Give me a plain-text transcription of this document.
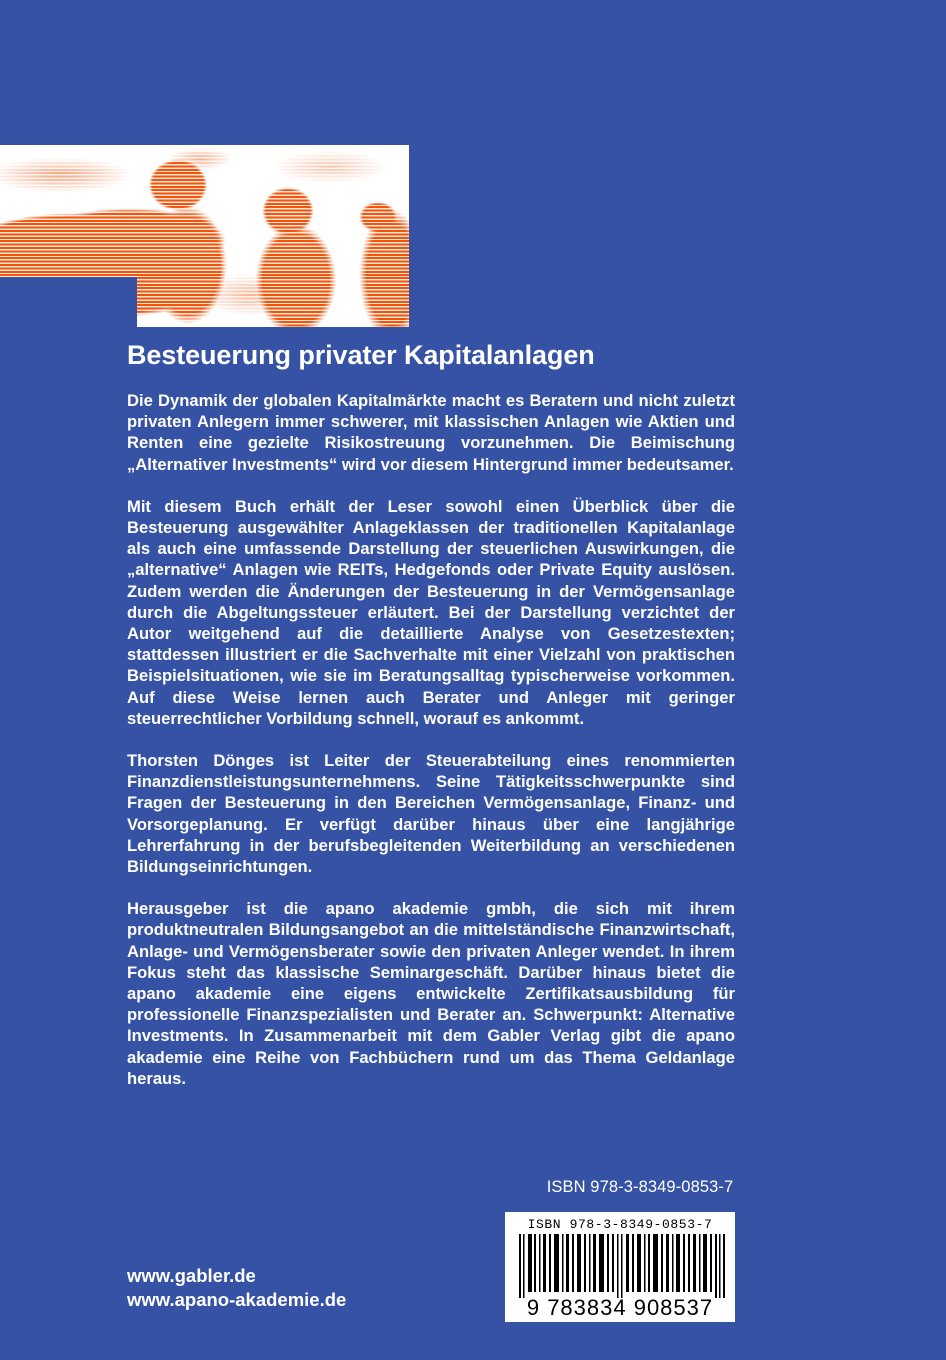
Besteuerung privater Kapitalanlagen

Die Dynamik der globalen Kapitalmärkte macht es Beratern und nicht zuletzt privaten Anlegern immer schwerer, mit klassischen Anlagen wie Aktien und Renten eine gezielte Risikostreuung vorzunehmen. Die Beimischung „Alternativer Investments“ wird vor diesem Hintergrund immer bedeutsamer.

Mit diesem Buch erhält der Leser sowohl einen Überblick über die Besteuerung ausgewählter Anlageklassen der traditionellen Kapitalanlage als auch eine umfassende Darstellung der steuerlichen Auswirkungen, die „alternative“ Anlagen wie REITs, Hedgefonds oder Private Equity auslösen. Zudem werden die Änderungen der Besteuerung in der Vermögensanlage durch die Abgeltungssteuer erläutert. Bei der Darstellung verzichtet der Autor weitgehend auf die detaillierte Analyse von Gesetzestexten; stattdessen illustriert er die Sachverhalte mit einer Vielzahl von praktischen Beispielsituationen, wie sie im Beratungsalltag typischerweise vorkommen. Auf diese Weise lernen auch Berater und Anleger mit geringer steuerrechtlicher Vorbildung schnell, worauf es ankommt.

Thorsten Dönges ist Leiter der Steuerabteilung eines renommierten Finanzdienstleistungsunternehmens. Seine Tätigkeitsschwerpunkte sind Fragen der Besteuerung in den Bereichen Vermögensanlage, Finanz- und Vorsorgeplanung. Er verfügt darüber hinaus über eine langjährige Lehrerfahrung in der berufsbegleitenden Weiterbildung an verschiedenen Bildungseinrichtungen.

Herausgeber ist die apano akademie gmbh, die sich mit ihrem produktneutralen Bildungsangebot an die mittelständische Finanzwirtschaft, Anlage- und Vermögensberater sowie den privaten Anleger wendet. In ihrem Fokus steht das klassische Seminargeschäft. Darüber hinaus bietet die apano akademie eine eigens entwickelte Zertifikatsausbildung für professionelle Finanzspezialisten und Berater an. Schwerpunkt: Alternative Investments. In Zusammenarbeit mit dem Gabler Verlag gibt die apano akademie eine Reihe von Fachbüchern rund um das Thema Geldanlage heraus.

ISBN 978-3-8349-0853-7
ISBN 978-3-8349-0853-7
9 783834 908537
www.gabler.de
www.apano-akademie.de
